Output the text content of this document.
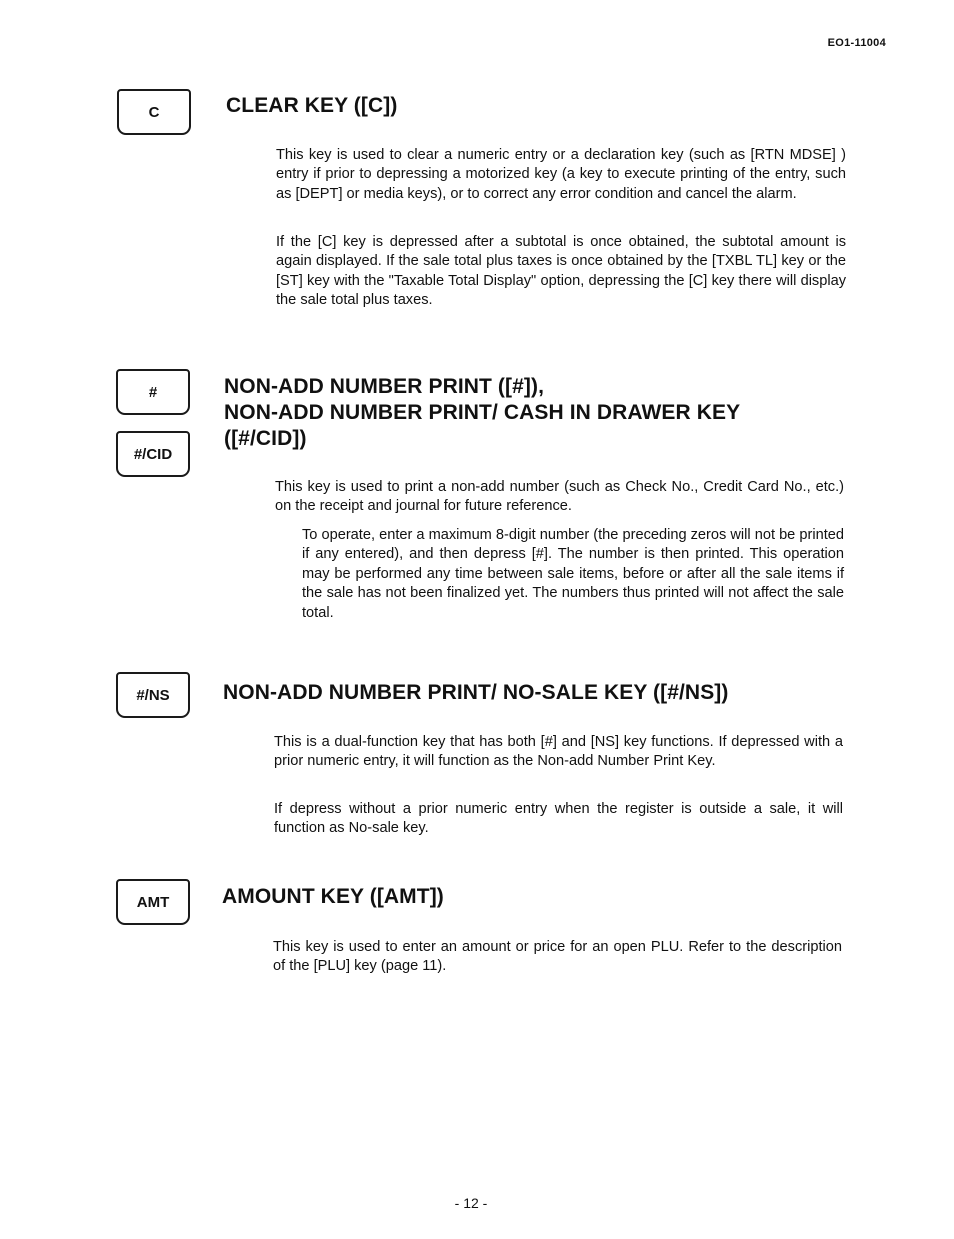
EO1-11004
C	CLEAR KEY ([C])

This key is used to clear a numeric entry or a declaration key (such as [RTN MDSE] ) entry if prior to depressing a motorized key (a key to execute printing of the entry, such as [DEPT] or media keys), or to correct any error condition and cancel the alarm.

If the [C] key is depressed after a subtotal is once obtained, the subtotal amount is again displayed. If the sale total plus taxes is once obtained by the [TXBL TL] key or the [ST] key with the "Taxable Total Display" option, depressing the [C] key there will display the sale total plus taxes.

#
#/CID
NON-ADD NUMBER PRINT ([#]),
NON-ADD NUMBER PRINT/ CASH IN DRAWER KEY
([#/CID])

This key is used to print a non-add number (such as Check No., Credit Card No., etc.) on the receipt and journal for future reference.

To operate, enter a maximum 8-digit number (the preceding zeros will not be printed if any entered), and then depress [#]. The number is then printed. This operation may be performed any time between sale items, before or after all the sale items if the sale has not been finalized yet. The numbers thus printed will not affect the sale total.

#/NS	NON-ADD NUMBER PRINT/ NO-SALE KEY ([#/NS])

This is a dual-function key that has both [#] and [NS] key functions. If depressed with a prior numeric entry, it will function as the Non-add Number Print Key.

If depress without a prior numeric entry when the register is outside a sale, it will function as No-sale key.

AMT	AMOUNT KEY ([AMT])

This key is used to enter an amount or price for an open PLU. Refer to the description of the [PLU] key (page 11).

- 12 -
